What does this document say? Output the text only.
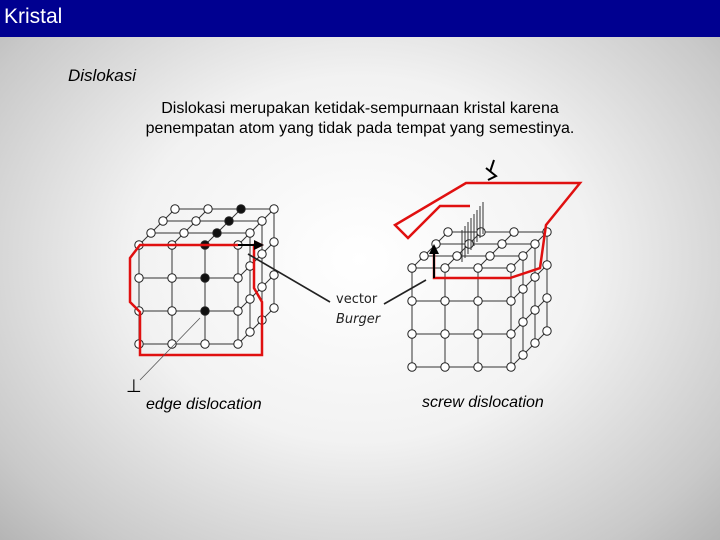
Kristal
Dislokasi
Dislokasi merupakan ketidak-sempurnaan kristal karena
penempatan atom yang tidak pada tempat yang semestinya.
⊥
vector
Burger
edge dislocation	screw dislocation
